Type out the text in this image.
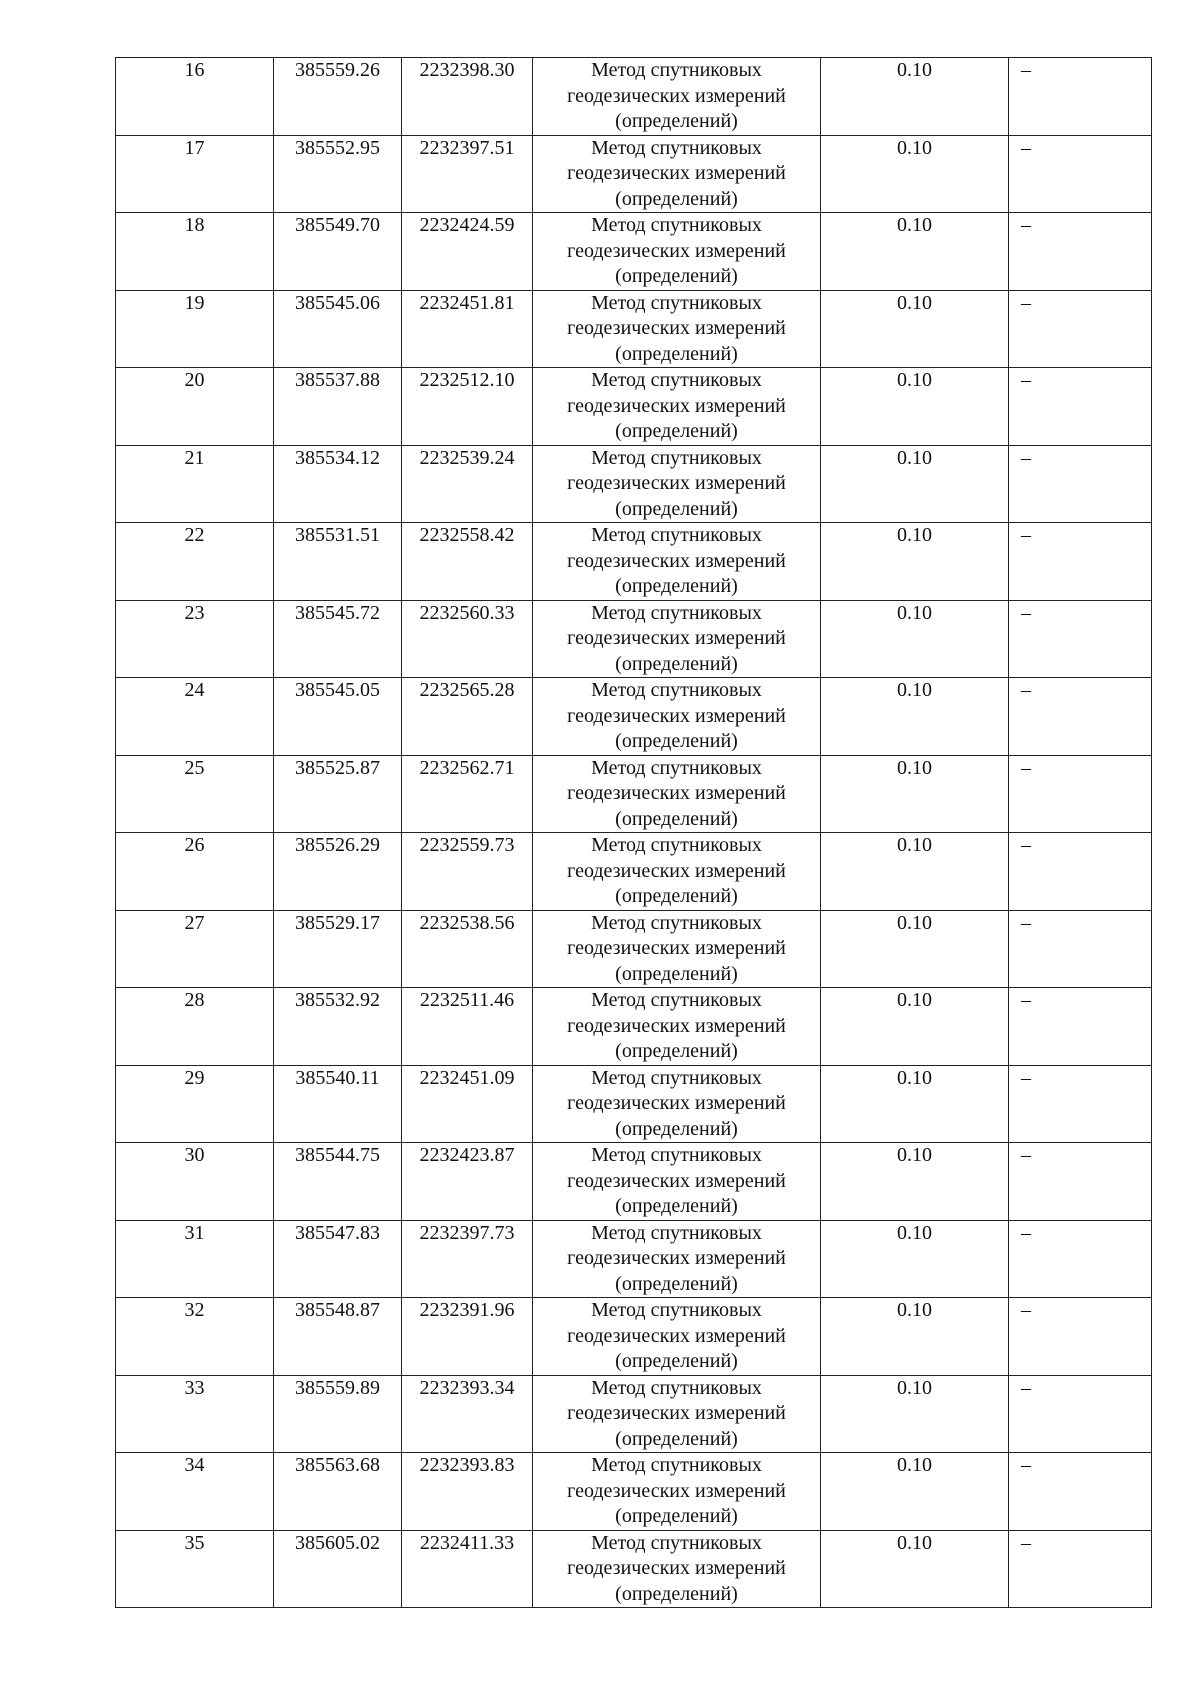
16	385559.26	2232398.30	Метод спутниковых геодезических измерений (определений)	0.10	–
17	385552.95	2232397.51	Метод спутниковых геодезических измерений (определений)	0.10	–
18	385549.70	2232424.59	Метод спутниковых геодезических измерений (определений)	0.10	–
19	385545.06	2232451.81	Метод спутниковых геодезических измерений (определений)	0.10	–
20	385537.88	2232512.10	Метод спутниковых геодезических измерений (определений)	0.10	–
21	385534.12	2232539.24	Метод спутниковых геодезических измерений (определений)	0.10	–
22	385531.51	2232558.42	Метод спутниковых геодезических измерений (определений)	0.10	–
23	385545.72	2232560.33	Метод спутниковых геодезических измерений (определений)	0.10	–
24	385545.05	2232565.28	Метод спутниковых геодезических измерений (определений)	0.10	–
25	385525.87	2232562.71	Метод спутниковых геодезических измерений (определений)	0.10	–
26	385526.29	2232559.73	Метод спутниковых геодезических измерений (определений)	0.10	–
27	385529.17	2232538.56	Метод спутниковых геодезических измерений (определений)	0.10	–
28	385532.92	2232511.46	Метод спутниковых геодезических измерений (определений)	0.10	–
29	385540.11	2232451.09	Метод спутниковых геодезических измерений (определений)	0.10	–
30	385544.75	2232423.87	Метод спутниковых геодезических измерений (определений)	0.10	–
31	385547.83	2232397.73	Метод спутниковых геодезических измерений (определений)	0.10	–
32	385548.87	2232391.96	Метод спутниковых геодезических измерений (определений)	0.10	–
33	385559.89	2232393.34	Метод спутниковых геодезических измерений (определений)	0.10	–
34	385563.68	2232393.83	Метод спутниковых геодезических измерений (определений)	0.10	–
35	385605.02	2232411.33	Метод спутниковых геодезических измерений (определений)	0.10	–
